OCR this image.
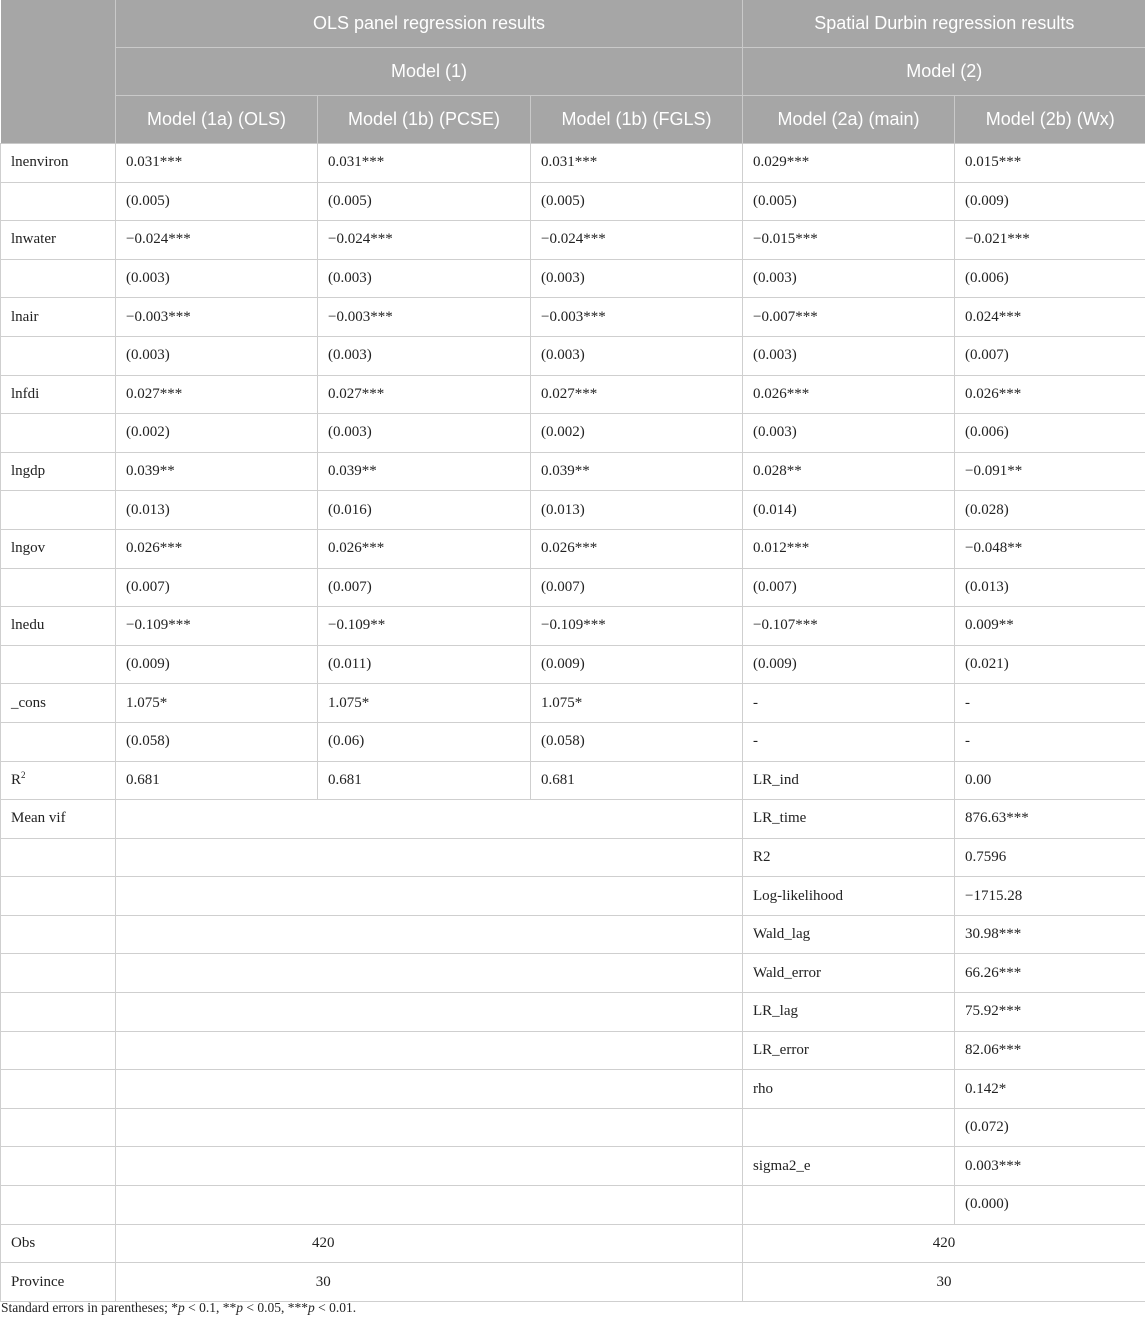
	OLS panel regression results			Spatial Durbin regression results	
	Model (1)			Model (2)	
	Model (1a) (OLS)	Model (1b) (PCSE)	Model (1b) (FGLS)	Model (2a) (main)	Model (2b) (Wx)
lnenviron	0.031***	0.031***	0.031***	0.029***	0.015***
	(0.005)	(0.005)	(0.005)	(0.005)	(0.009)
lnwater	−0.024***	−0.024***	−0.024***	−0.015***	−0.021***
	(0.003)	(0.003)	(0.003)	(0.003)	(0.006)
lnair	−0.003***	−0.003***	−0.003***	−0.007***	0.024***
	(0.003)	(0.003)	(0.003)	(0.003)	(0.007)
lnfdi	0.027***	0.027***	0.027***	0.026***	0.026***
	(0.002)	(0.003)	(0.002)	(0.003)	(0.006)
lngdp	0.039**	0.039**	0.039**	0.028**	−0.091**
	(0.013)	(0.016)	(0.013)	(0.014)	(0.028)
lngov	0.026***	0.026***	0.026***	0.012***	−0.048**
	(0.007)	(0.007)	(0.007)	(0.007)	(0.013)
lnedu	−0.109***	−0.109**	−0.109***	−0.107***	0.009**
	(0.009)	(0.011)	(0.009)	(0.009)	(0.021)
_cons	1.075*	1.075*	1.075*	-	-
	(0.058)	(0.06)	(0.058)	-	-
$R^2$	0.681	0.681	0.681	LR_ind	0.00
Mean vif				LR_time	876.63***
				R2	0.7596
				Log-likelihood	−1715.28
				Wald_lag	30.98***
				Wald_error	66.26***
				LR_lag	75.92***
				LR_error	82.06***
				rho	0.142*
					(0.072)
				sigma2_e	0.003***
					(0.000)
Obs	420			420	
Province	30			30	
Standard errors in parentheses; *p < 0.1, **p < 0.05, ***p < 0.01.
